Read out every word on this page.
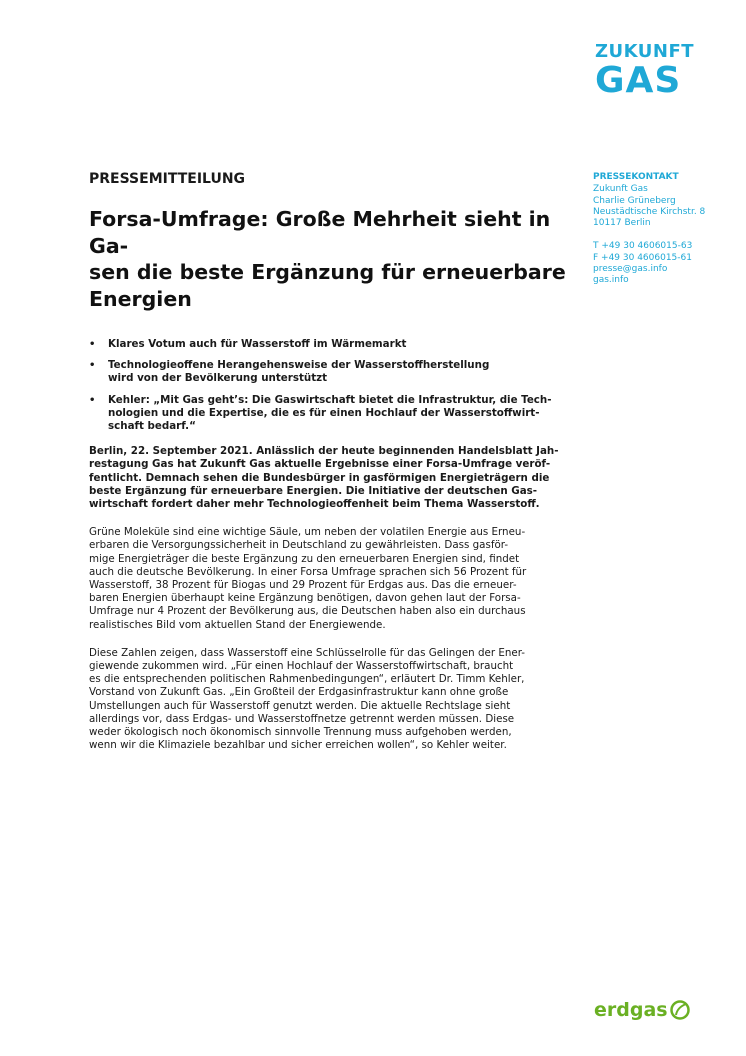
ZUKUNFT
GAS
PRESSEKONTAKT
Zukunft Gas
Charlie Grüneberg
Neustädtische Kirchstr. 8
10117 Berlin
T +49 30 4606015-63
F +49 30 4606015-61
presse@gas.info
gas.info
PRESSEMITTEILUNG
Forsa-Umfrage: Große Mehrheit sieht in Ga-
sen die beste Ergänzung für erneuerbare
Energien
• Klares Votum auch für Wasserstoff im Wärmemarkt
• Technologieoffene Herangehensweise der Wasserstoffherstellung
wird von der Bevölkerung unterstützt
• Kehler: „Mit Gas geht’s: Die Gaswirtschaft bietet die Infrastruktur, die Tech-
nologien und die Expertise, die es für einen Hochlauf der Wasserstoffwirt-
schaft bedarf.“
Berlin, 22. September 2021. Anlässlich der heute beginnenden Handelsblatt Jah-
restagung Gas hat Zukunft Gas aktuelle Ergebnisse einer Forsa-Umfrage veröf-
fentlicht. Demnach sehen die Bundesbürger in gasförmigen Energieträgern die
beste Ergänzung für erneuerbare Energien. Die Initiative der deutschen Gas-
wirtschaft fordert daher mehr Technologieoffenheit beim Thema Wasserstoff.
Grüne Moleküle sind eine wichtige Säule, um neben der volatilen Energie aus Erneu-
erbaren die Versorgungssicherheit in Deutschland zu gewährleisten. Dass gasför-
mige Energieträger die beste Ergänzung zu den erneuerbaren Energien sind, findet
auch die deutsche Bevölkerung. In einer Forsa Umfrage sprachen sich 56 Prozent für
Wasserstoff, 38 Prozent für Biogas und 29 Prozent für Erdgas aus. Das die erneuer-
baren Energien überhaupt keine Ergänzung benötigen, davon gehen laut der Forsa-
Umfrage nur 4 Prozent der Bevölkerung aus, die Deutschen haben also ein durchaus
realistisches Bild vom aktuellen Stand der Energiewende.
Diese Zahlen zeigen, dass Wasserstoff eine Schlüsselrolle für das Gelingen der Ener-
giewende zukommen wird. „Für einen Hochlauf der Wasserstoffwirtschaft, braucht
es die entsprechenden politischen Rahmenbedingungen“, erläutert Dr. Timm Kehler,
Vorstand von Zukunft Gas. „Ein Großteil der Erdgasinfrastruktur kann ohne große
Umstellungen auch für Wasserstoff genutzt werden. Die aktuelle Rechtslage sieht
allerdings vor, dass Erdgas- und Wasserstoffnetze getrennt werden müssen. Diese
weder ökologisch noch ökonomisch sinnvolle Trennung muss aufgehoben werden,
wenn wir die Klimaziele bezahlbar und sicher erreichen wollen“, so Kehler weiter.
erdgas
